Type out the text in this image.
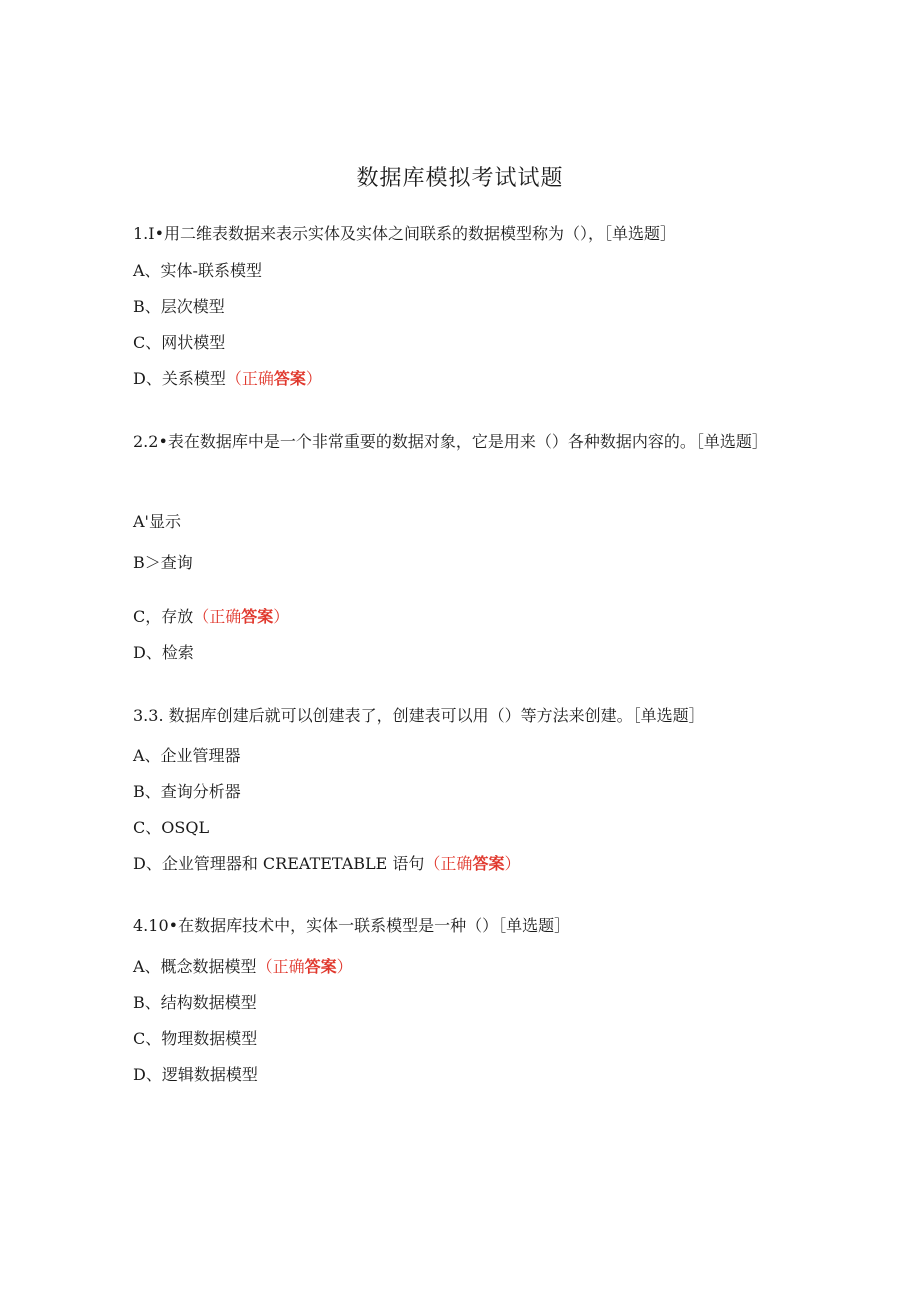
数据库模拟考试试题
1.I•用二维表数据来表示实体及实体之间联系的数据模型称为（），［单选题］
A、实体-联系模型
B、层次模型
C、网状模型
D、关系模型（正确答案）
2.2•表在数据库中是一个非常重要的数据对象，它是用来（）各种数据内容的。［单选题］
A'显示
B＞查询
C，存放（正确答案）
D、检索
3.3. 数据库创建后就可以创建表了，创建表可以用（）等方法来创建。［单选题］
A、企业管理器
B、查询分析器
C、OSQL
D、企业管理器和 CREATETABLE 语句（正确答案）
4.10•在数据库技术中，实体一联系模型是一种（）［单选题］
A、概念数据模型（正确答案）
B、结构数据模型
C、物理数据模型
D、逻辑数据模型
